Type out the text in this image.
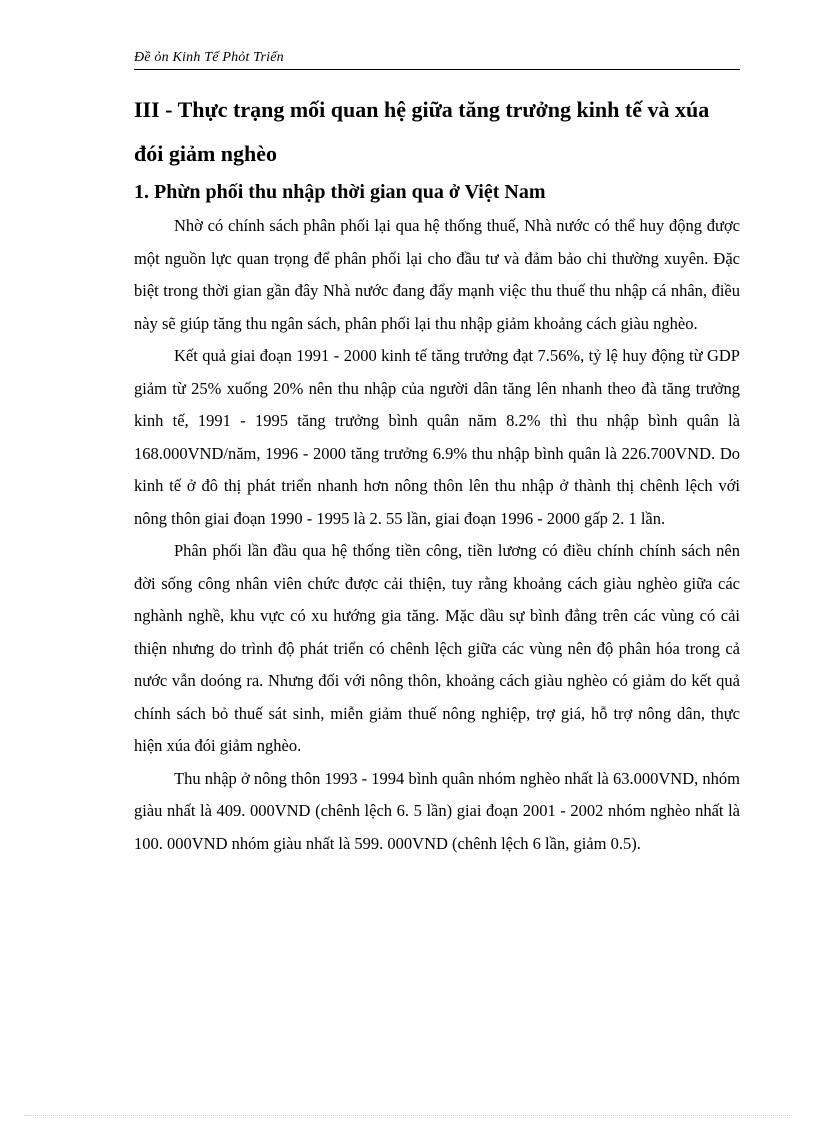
Đề ỏn Kinh Tế Phỏt Triển
III - Thực trạng mối quan hệ giữa tăng trưởng kinh tế và xúa đói giảm nghèo
1. Phừn phối thu nhập thời gian qua ở Việt Nam

Nhờ có chính sách phân phối lại qua hệ thống thuế, Nhà nước có thể huy động được một nguồn lực quan trọng để phân phối lại cho đầu tư và đảm bảo chi thường xuyên. Đặc biệt trong thời gian gần đây Nhà nước đang đẩy mạnh việc thu thuế thu nhập cá nhân, điều này sẽ giúp tăng thu ngân sách, phân phối lại thu nhập giảm khoảng cách giàu nghèo.

Kết quả giai đoạn 1991 - 2000 kinh tế tăng trưởng đạt 7.56%, tỷ lệ huy động từ GDP giảm từ 25% xuống 20% nên thu nhập của người dân tăng lên nhanh theo đà tăng trưởng kinh tế, 1991 - 1995 tăng trưởng bình quân năm 8.2% thì thu nhập bình quân là 168.000VND/năm, 1996 - 2000 tăng trưởng 6.9% thu nhập bình quân là 226.700VND. Do kinh tế ở đô thị phát triển nhanh hơn nông thôn lên thu nhập ở thành thị chênh lệch với nông thôn giai đoạn 1990 - 1995 là 2. 55 lần, giai đoạn 1996 - 2000 gấp 2. 1 lần.

Phân phối lần đầu qua hệ thống tiền công, tiền lương có điều chính chính sách nên đời sống công nhân viên chức được cải thiện, tuy rằng khoảng cách giàu nghèo giữa các nghành nghề, khu vực có xu hướng gia tăng. Mặc dầu sự bình đẳng trên các vùng có cải thiện nhưng do trình độ phát triển có chênh lệch giữa các vùng nên độ phân hóa trong cả nước vẫn doóng ra. Nhưng đối với nông thôn, khoảng cách giàu nghèo có giảm do kết quả chính sách bỏ thuế sát sinh, miễn giảm thuế nông nghiệp, trợ giá, hỗ trợ nông dân, thực hiện xúa đói giảm nghèo.

Thu nhập ở nông thôn 1993 - 1994 bình quân nhóm nghèo nhất là 63.000VND, nhóm giàu nhất là 409. 000VND (chênh lệch 6. 5 lần) giai đoạn 2001 - 2002 nhóm nghèo nhất là 100. 000VND nhóm giàu nhất là 599. 000VND (chênh lệch 6 lần, giảm 0.5).
